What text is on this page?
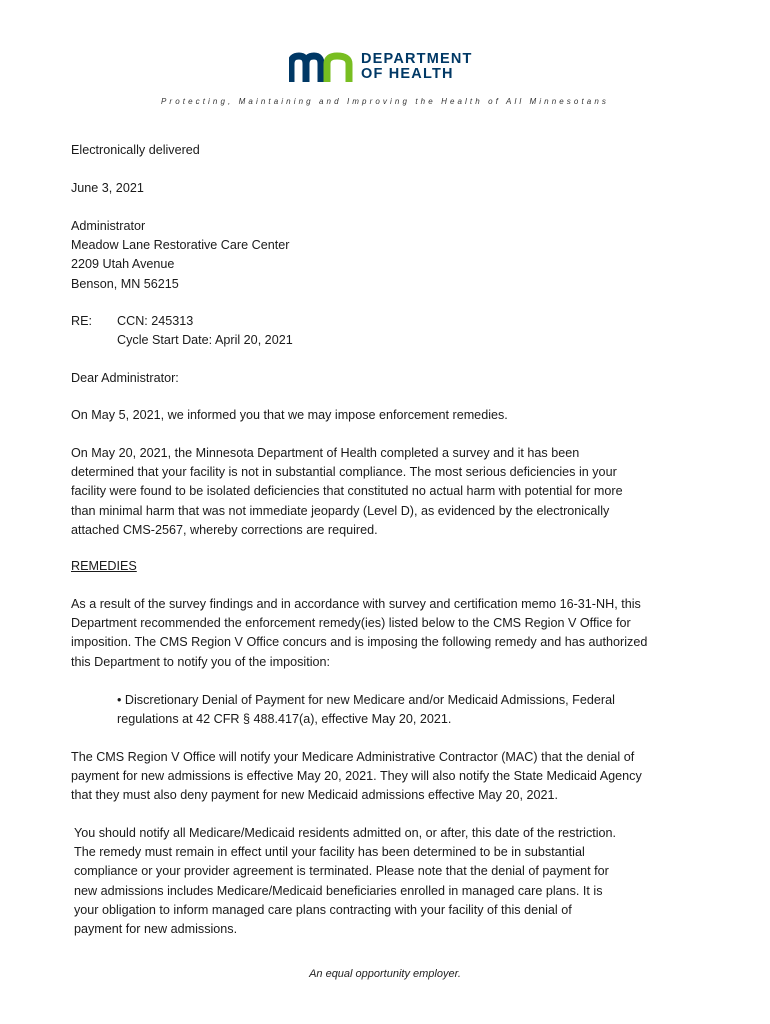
DEPARTMENT
OF HEALTH
Protecting, Maintaining and Improving the Health of All Minnesotans
Electronically delivered
June 3, 2021
Administrator
Meadow Lane Restorative Care Center
2209 Utah Avenue
Benson, MN 56215
RE: CCN: 245313
Cycle Start Date: April 20, 2021
Dear Administrator:
On May 5, 2021, we informed you that we may impose enforcement remedies.
On May 20, 2021, the Minnesota Department of Health completed a survey and it has been
determined that your facility is not in substantial compliance. The most serious deficiencies in your
facility were found to be isolated deficiencies that constituted no actual harm with potential for more
than minimal harm that was not immediate jeopardy (Level D), as evidenced by the electronically
attached CMS-2567, whereby corrections are required.
REMEDIES
As a result of the survey findings and in accordance with survey and certification memo 16-31-NH, this
Department recommended the enforcement remedy(ies) listed below to the CMS Region V Office for
imposition. The CMS Region V Office concurs and is imposing the following remedy and has authorized
this Department to notify you of the imposition:
• Discretionary Denial of Payment for new Medicare and/or Medicaid Admissions, Federal
regulations at 42 CFR § 488.417(a), effective May 20, 2021.
The CMS Region V Office will notify your Medicare Administrative Contractor (MAC) that the denial of
payment for new admissions is effective May 20, 2021. They will also notify the State Medicaid Agency
that they must also deny payment for new Medicaid admissions effective May 20, 2021.
You should notify all Medicare/Medicaid residents admitted on, or after, this date of the restriction.
The remedy must remain in effect until your facility has been determined to be in substantial
compliance or your provider agreement is terminated. Please note that the denial of payment for
new admissions includes Medicare/Medicaid beneficiaries enrolled in managed care plans. It is
your obligation to inform managed care plans contracting with your facility of this denial of
payment for new admissions.
An equal opportunity employer.
